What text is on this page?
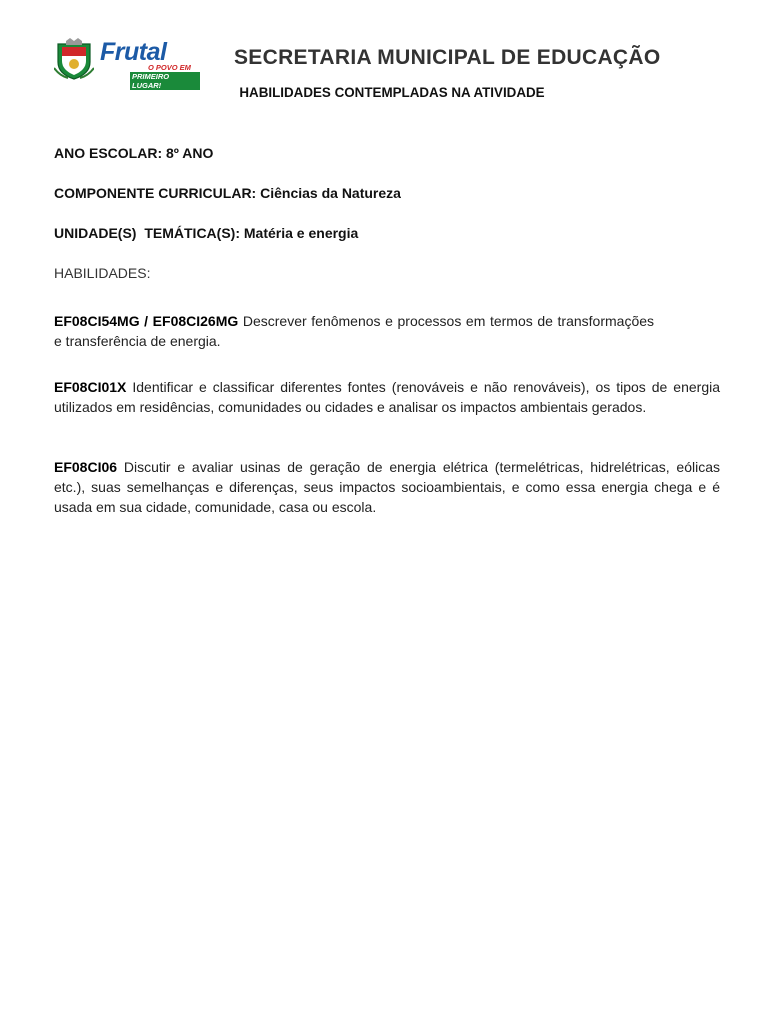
Frutal
O POVO EM
PRIMEIRO LUGAR!
SECRETARIA MUNICIPAL DE EDUCAÇÃO
HABILIDADES CONTEMPLADAS NA ATIVIDADE
ANO ESCOLAR: 8º ANO
COMPONENTE CURRICULAR: Ciências da Natureza
UNIDADE(S) TEMÁTICA(S): Matéria e energia
HABILIDADES:
EF08CI54MG / EF08CI26MG Descrever fenômenos e processos em termos de transformações e transferência de energia.
EF08CI01X Identificar e classificar diferentes fontes (renováveis e não renováveis), os tipos de energia utilizados em residências, comunidades ou cidades e analisar os impactos ambientais gerados.
EF08CI06 Discutir e avaliar usinas de geração de energia elétrica (termelétricas, hidrelétricas, eólicas etc.), suas semelhanças e diferenças, seus impactos socioambientais, e como essa energia chega e é usada em sua cidade, comunidade, casa ou escola.
